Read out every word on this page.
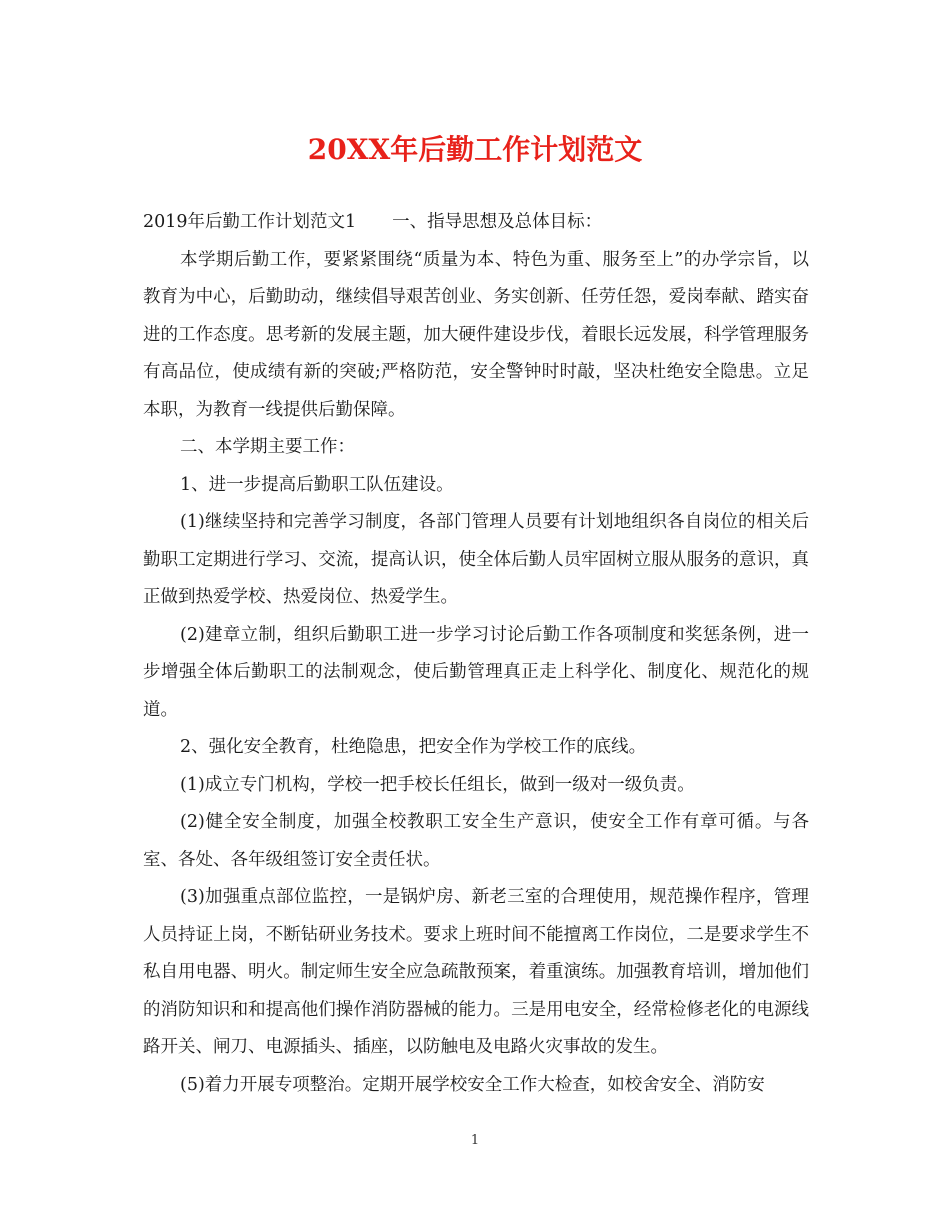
20XX年后勤工作计划范文

2019年后勤工作计划范文1 一、指导思想及总体目标：

本学期后勤工作，要紧紧围绕“质量为本、特色为重、服务至上”的办学宗旨，以教育为中心，后勤助动，继续倡导艰苦创业、务实创新、任劳任怨，爱岗奉献、踏实奋进的工作态度。思考新的发展主题，加大硬件建设步伐，着眼长远发展，科学管理服务有高品位，使成绩有新的突破;严格防范，安全警钟时时敲，坚决杜绝安全隐患。立足本职，为教育一线提供后勤保障。

二、本学期主要工作：

1、进一步提高后勤职工队伍建设。

(1)继续坚持和完善学习制度，各部门管理人员要有计划地组织各自岗位的相关后勤职工定期进行学习、交流，提高认识，使全体后勤人员牢固树立服从服务的意识，真正做到热爱学校、热爱岗位、热爱学生。

(2)建章立制，组织后勤职工进一步学习讨论后勤工作各项制度和奖惩条例，进一步增强全体后勤职工的法制观念，使后勤管理真正走上科学化、制度化、规范化的规道。

2、强化安全教育，杜绝隐患，把安全作为学校工作的底线。

(1)成立专门机构，学校一把手校长任组长，做到一级对一级负责。

(2)健全安全制度，加强全校教职工安全生产意识，使安全工作有章可循。与各室、各处、各年级组签订安全责任状。

(3)加强重点部位监控，一是锅炉房、新老三室的合理使用，规范操作程序，管理人员持证上岗，不断钻研业务技术。要求上班时间不能擅离工作岗位，二是要求学生不私自用电器、明火。制定师生安全应急疏散预案，着重演练。加强教育培训，增加他们的消防知识和和提高他们操作消防器械的能力。三是用电安全，经常检修老化的电源线路开关、闸刀、电源插头、插座，以防触电及电路火灾事故的发生。

(5)着力开展专项整治。定期开展学校安全工作大检查，如校舍安全、消防安

1
